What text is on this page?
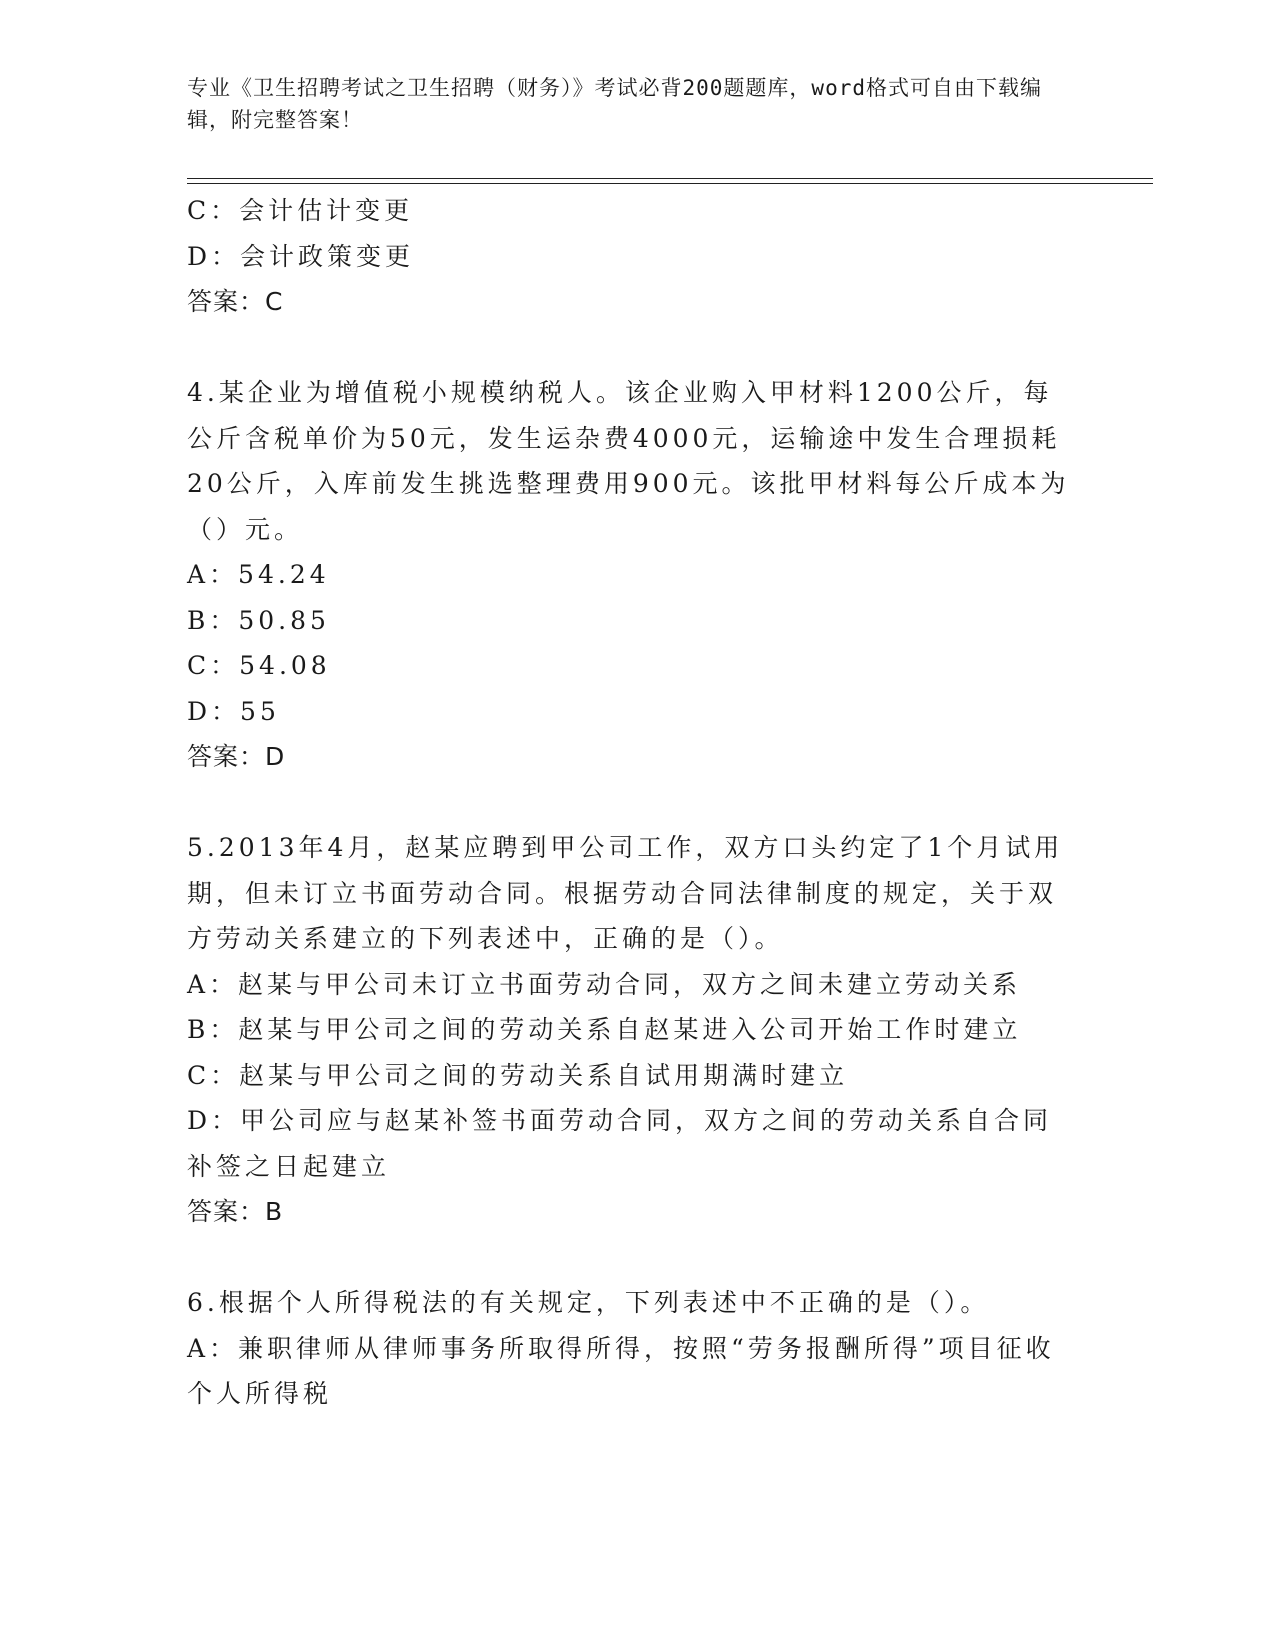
专业《卫生招聘考试之卫生招聘（财务）》考试必背200题题库，word格式可自由下载编辑，附完整答案！

C：会计估计变更

D：会计政策变更

答案：C

4.某企业为增值税小规模纳税人。该企业购入甲材料1200公斤，每公斤含税单价为50元，发生运杂费4000元，运输途中发生合理损耗20公斤，入库前发生挑选整理费用900元。该批甲材料每公斤成本为（）元。

A：54.24

B：50.85

C：54.08

D：55

答案：D

5.2013年4月，赵某应聘到甲公司工作，双方口头约定了1个月试用期，但未订立书面劳动合同。根据劳动合同法律制度的规定，关于双方劳动关系建立的下列表述中，正确的是（）。

A：赵某与甲公司未订立书面劳动合同，双方之间未建立劳动关系

B：赵某与甲公司之间的劳动关系自赵某进入公司开始工作时建立

C：赵某与甲公司之间的劳动关系自试用期满时建立

D：甲公司应与赵某补签书面劳动合同，双方之间的劳动关系自合同补签之日起建立

答案：B

6.根据个人所得税法的有关规定，下列表述中不正确的是（）。

A：兼职律师从律师事务所取得所得，按照“劳务报酬所得”项目征收个人所得税
